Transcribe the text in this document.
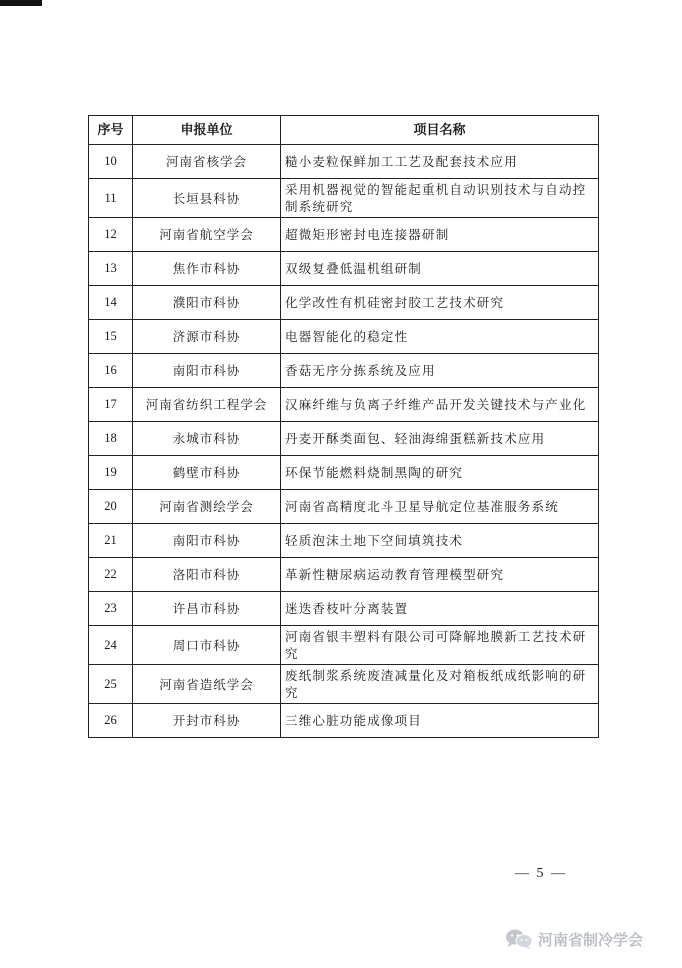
序号	申报单位	项目名称
10	河南省核学会	糙小麦粒保鲜加工工艺及配套技术应用
11	长垣县科协	采用机器视觉的智能起重机自动识别技术与自动控制系统研究
12	河南省航空学会	超微矩形密封电连接器研制
13	焦作市科协	双级复叠低温机组研制
14	濮阳市科协	化学改性有机硅密封胶工艺技术研究
15	济源市科协	电器智能化的稳定性
16	南阳市科协	香菇无序分拣系统及应用
17	河南省纺织工程学会	汉麻纤维与负离子纤维产品开发关键技术与产业化
18	永城市科协	丹麦开酥类面包、轻油海绵蛋糕新技术应用
19	鹤壁市科协	环保节能燃料烧制黑陶的研究
20	河南省测绘学会	河南省高精度北斗卫星导航定位基准服务系统
21	南阳市科协	轻质泡沫土地下空间填筑技术
22	洛阳市科协	革新性糖尿病运动教育管理模型研究
23	许昌市科协	迷迭香枝叶分离装置
24	周口市科协	河南省银丰塑料有限公司可降解地膜新工艺技术研究
25	河南省造纸学会	废纸制浆系统废渣减量化及对箱板纸成纸影响的研究
26	开封市科协	三维心脏功能成像项目
— 5 —
河南省制冷学会
